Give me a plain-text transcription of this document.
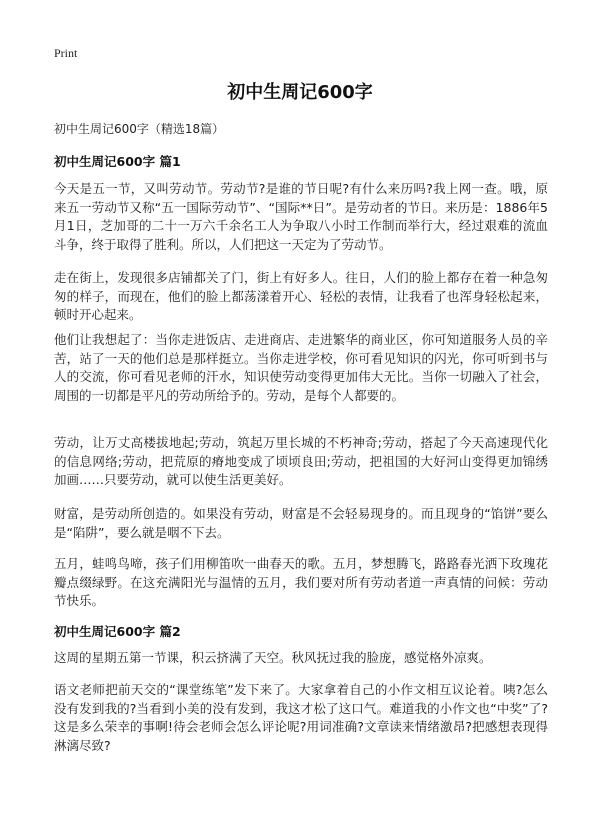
Print
初中生周记600字
初中生周记600字（精选18篇）
初中生周记600字 篇1

今天是五一节，又叫劳动节。劳动节?是谁的节日呢?有什么来历吗?我上网一查。哦，原来五一劳动节又称“五一国际劳动节”、“国际**日”。是劳动者的节日。来历是：1886年5月1日，芝加哥的二十一万六千余名工人为争取八小时工作制而举行大，经过艰难的流血斗争，终于取得了胜利。所以，人们把这一天定为了劳动节。

走在街上，发现很多店铺都关了门，街上有好多人。往日，人们的脸上都存在着一种急匆匆的样子，而现在，他们的脸上都荡漾着开心、轻松的表情，让我看了也浑身轻松起来，顿时开心起来。

他们让我想起了：当你走进饭店、走进商店、走进繁华的商业区，你可知道服务人员的辛苦，站了一天的他们总是那样挺立。当你走进学校，你可看见知识的闪光，你可听到书与人的交流，你可看见老师的汗水，知识使劳动变得更加伟大无比。当你一切融入了社会，周围的一切都是平凡的劳动所给予的。劳动，是每个人都要的。

劳动，让万丈高楼拔地起;劳动，筑起万里长城的不朽神奇;劳动，搭起了今天高速现代化的信息网络;劳动，把荒原的瘠地变成了顷顷良田;劳动，把祖国的大好河山变得更加锦绣加画……只要劳动，就可以使生活更美好。

财富，是劳动所创造的。如果没有劳动，财富是不会轻易现身的。而且现身的“馅饼”要么是“陷阱”，要么就是咽不下去。

五月，蛙鸣鸟啼，孩子们用柳笛吹一曲春天的歌。五月，梦想腾飞，路路春光洒下玫瑰花瓣点缀绿野。在这充满阳光与温情的五月，我们要对所有劳动者道一声真情的问候：劳动节快乐。

初中生周记600字 篇2

这周的星期五第一节课，积云挤满了天空。秋风抚过我的脸庞，感觉格外凉爽。

语文老师把前天交的“课堂练笔”发下来了。大家拿着自己的小作文相互议论着。咦?怎么没有发到我的?当看到小美的没有发到，我这才松了这口气。难道我的小作文也“中奖”了?这是多么荣幸的事啊!待会老师会怎么评论呢?用词准确?文章读来情绪激昂?把感想表现得淋漓尽致?
